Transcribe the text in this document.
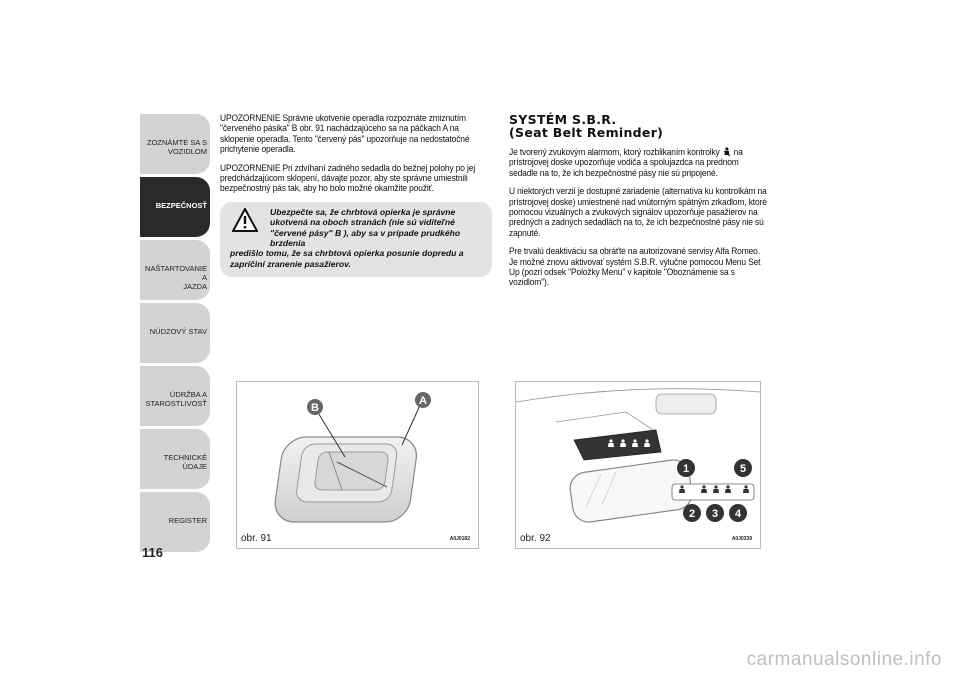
ZOZNÁMTE SA S
VOZIDLOM
BEZPEČNOSŤ
NAŠTARTOVANIE A
JAZDA
NÚDZOVÝ STAV
ÚDRŽBA A
STAROSTLIVOSŤ
TECHNICKÉ ÚDAJE
REGISTER
116

UPOZORNENIE Správne ukotvenie operadla rozpoznáte zmiznutím "červeného pásika" B obr. 91 nachádzajúceho sa na páčkach A na sklopenie operadla. Tento "červený pás" upozorňuje na nedostatočné prichytenie operadla.

UPOZORNENIE Pri zdvíhaní zadného sedadla do bežnej polohy po jej predchádzajúcom sklopení, dávajte pozor, aby ste správne umiestnili bezpečnostný pás tak, aby ho bolo možné okamžite použiť.

Ubezpečte sa, že chrbtová opierka je správne ukotvená na oboch stranách (nie sú viditeľné "červené pásy" B ), aby sa v prípade prudkého brzdenia
predišlo tomu, že sa chrbtová opierka posunie dopredu a zapríčiní zranenie pasažierov.
SYSTÉM S.B.R.
(Seat Belt Reminder)

Je tvorený zvukovým alarmom, ktorý rozblikaním kontrolky na prístrojovej doske upozorňuje vodiča a spolujazdca na prednom sedadle na to, že ich bezpečnostné pásy nie sú pripojené.

U niektorých verzií je dostupné zariadenie (alternatíva ku kontrolkám na prístrojovej doske) umiestnené nad vnútorným spätným zrkadlom, ktoré pomocou vizuálnych a zvukových signálov upozorňuje pasažierov na predných a zadných sedadlách na to, že ich bezpečnostné pásy nie sú zapnuté.

Pre trvalú deaktiváciu sa obráťte na autorizované servisy Alfa Romeo. Je možné znovu aktivovať systém S.B.R. výlučne pomocou Menu Set Up (pozri odsek "Položky Menu" v kapitole "Oboznámenie sa s vozidlom").

B
A
obr. 91	A0J0182
1	5
2 3 4
obr. 92	A0J0339
carmanualsonline.info
